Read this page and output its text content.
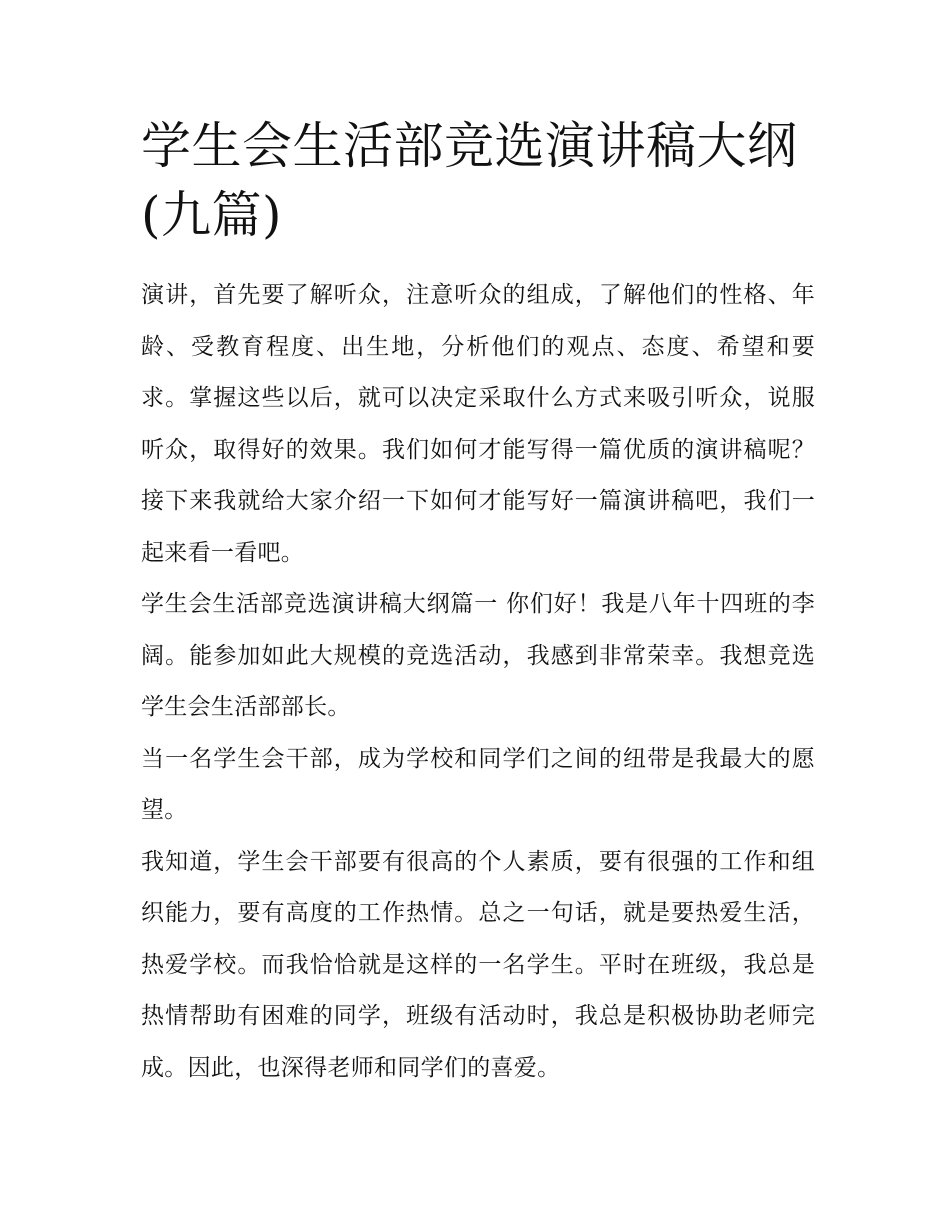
学生会生活部竞选演讲稿大纲(九篇)

演讲，首先要了解听众，注意听众的组成，了解他们的性格、年龄、受教育程度、出生地，分析他们的观点、态度、希望和要求。掌握这些以后，就可以决定采取什么方式来吸引听众，说服听众，取得好的效果。我们如何才能写得一篇优质的演讲稿呢？接下来我就给大家介绍一下如何才能写好一篇演讲稿吧，我们一起来看一看吧。

学生会生活部竞选演讲稿大纲篇一 你们好！我是八年十四班的李阔。能参加如此大规模的竞选活动，我感到非常荣幸。我想竞选学生会生活部部长。

当一名学生会干部，成为学校和同学们之间的纽带是我最大的愿望。

我知道，学生会干部要有很高的个人素质，要有很强的工作和组织能力，要有高度的工作热情。总之一句话，就是要热爱生活，热爱学校。而我恰恰就是这样的一名学生。平时在班级，我总是热情帮助有困难的同学，班级有活动时，我总是积极协助老师完成。因此，也深得老师和同学们的喜爱。
